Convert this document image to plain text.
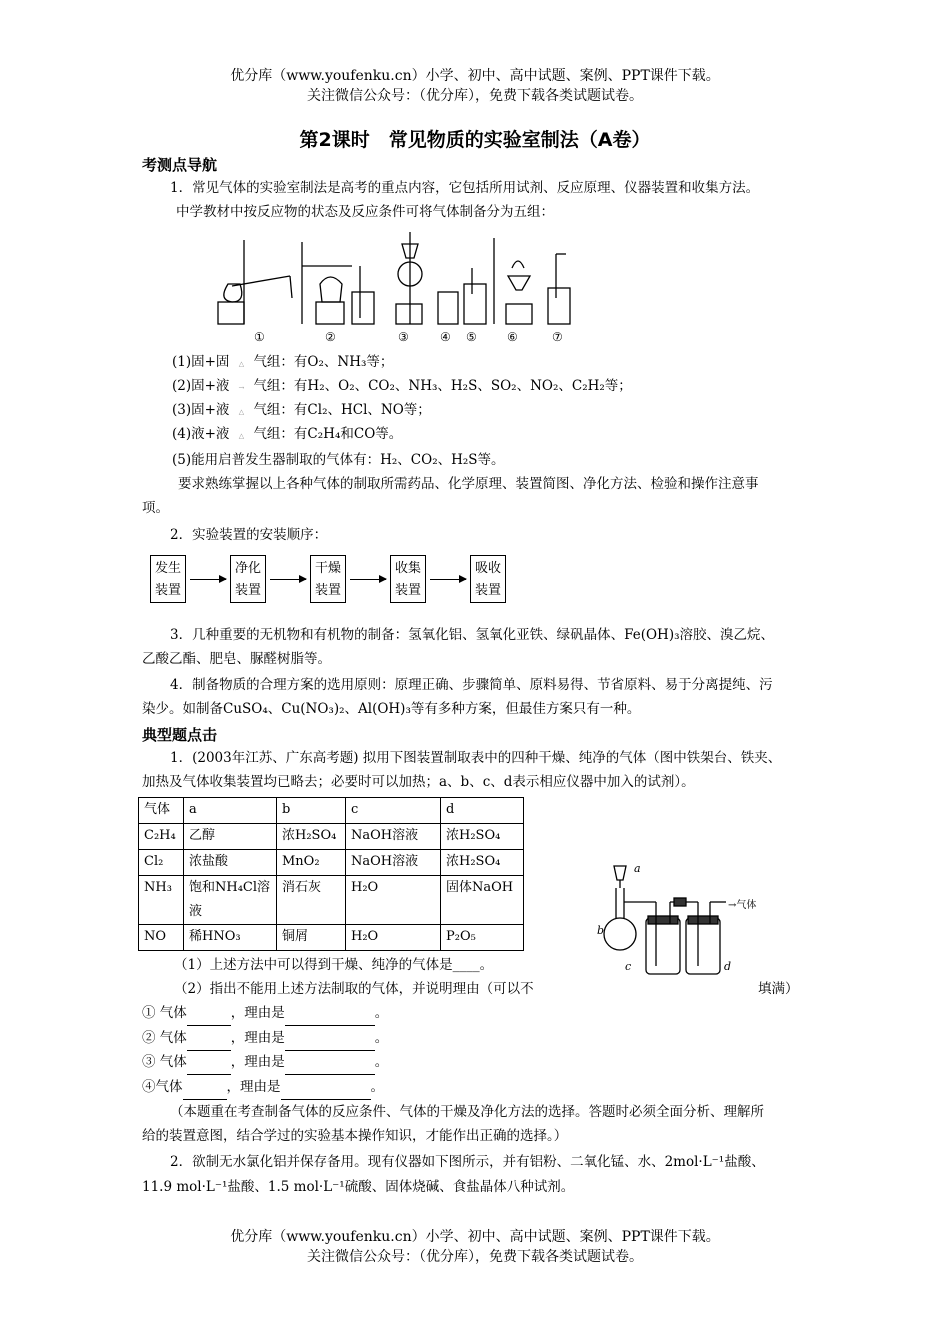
优分库（www.youfenku.cn）小学、初中、高中试题、案例、PPT课件下载。
关注微信公众号：（优分库），免费下载各类试题试卷。
第2课时　常见物质的实验室制法（A卷）
考测点导航
1．常见气体的实验室制法是高考的重点内容，它包括所用试剂、反应原理、仪器装置和收集方法。
中学教材中按反应物的状态及反应条件可将气体制备分为五组：
①	②	③	④ ⑤	⑥	⑦
(1)固+固 △ 气组：有O₂、NH₃等；
(2)固+液 → 气组：有H₂、O₂、CO₂、NH₃、H₂S、SO₂、NO₂、C₂H₂等；
(3)固+液 △ 气组：有Cl₂、HCl、NO等；
(4)液+液 △ 气组：有C₂H₄和CO等。
(5)能用启普发生器制取的气体有：H₂、CO₂、H₂S等。
要求熟练掌握以上各种气体的制取所需药品、化学原理、装置简图、净化方法、检验和操作注意事
项。
2．实验装置的安装顺序：
发生
装置
净化
装置
干燥
装置
收集
装置
吸收
装置
3．几种重要的无机物和有机物的制备：氢氧化铝、氢氧化亚铁、绿矾晶体、Fe(OH)₃溶胶、溴乙烷、
乙酸乙酯、肥皂、脲醛树脂等。
4．制备物质的合理方案的选用原则：原理正确、步骤简单、原料易得、节省原料、易于分离提纯、污
染少。如制备CuSO₄、Cu(NO₃)₂、Al(OH)₃等有多种方案，但最佳方案只有一种。
典型题点击
1．(2003年江苏、广东高考题) 拟用下图装置制取表中的四种干燥、纯净的气体（图中铁架台、铁夹、
加热及气体收集装置均已略去；必要时可以加热；a、b、c、d表示相应仪器中加入的试剂）。
气体	a	b	c	d
C₂H₄	乙醇	浓H₂SO₄	NaOH溶液	浓H₂SO₄
Cl₂	浓盐酸	MnO₂	NaOH溶液	浓H₂SO₄
NH₃	饱和NH₄Cl溶液	消石灰	H₂O	固体NaOH
NO	稀HNO₃	铜屑	H₂O	P₂O₅
a
b
c	d
→气体
（1）上述方法中可以得到干燥、纯净的气体是____。
（2）指出不能用上述方法制取的气体，并说明理由（可以不	填满）
① 气体	，理由是	。
② 气体	，理由是	。
③ 气体	，理由是	。
④气体	，理由是	。
（本题重在考查制备气体的反应条件、气体的干燥及净化方法的选择。答题时必须全面分析、理解所
给的装置意图，结合学过的实验基本操作知识，才能作出正确的选择。）
2．欲制无水氯化铝并保存备用。现有仪器如下图所示，并有铝粉、二氧化锰、水、2mol·L⁻¹盐酸、
11.9 mol·L⁻¹盐酸、1.5 mol·L⁻¹硫酸、固体烧碱、食盐晶体八种试剂。
优分库（www.youfenku.cn）小学、初中、高中试题、案例、PPT课件下载。
关注微信公众号：（优分库），免费下载各类试题试卷。
